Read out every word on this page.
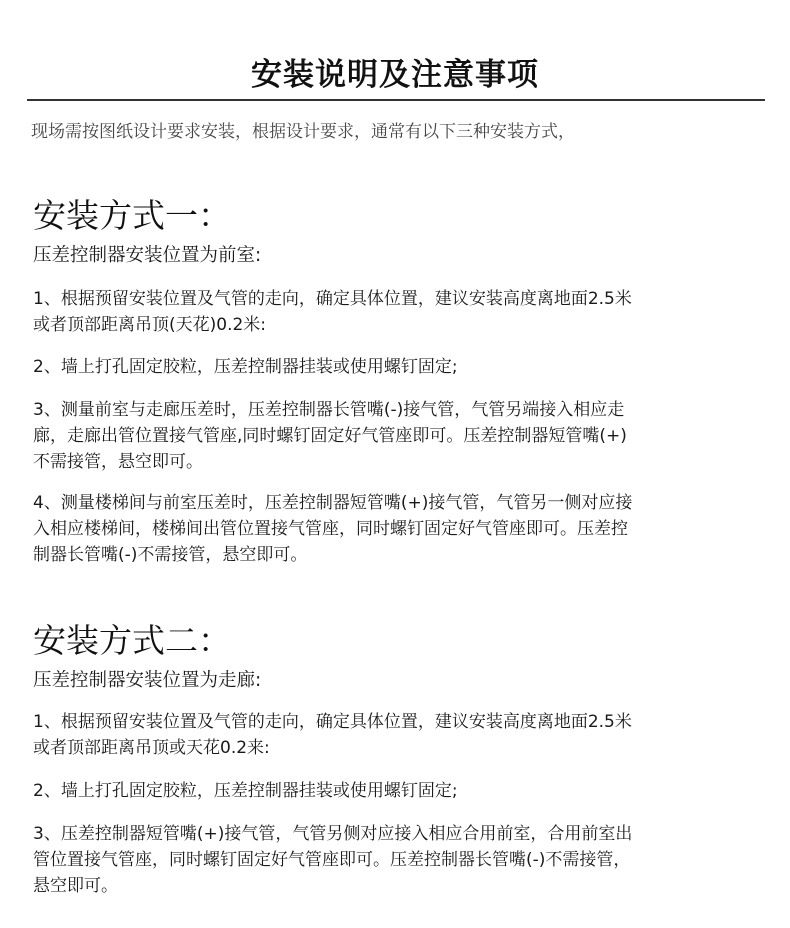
安装说明及注意事项
现场需按图纸设计要求安装，根据设计要求，通常有以下三种安装方式，
安装方式一：
压差控制器安装位置为前室:
1、根据预留安装位置及气管的走向，确定具体位置，建议安装高度离地面2.5米
或者顶部距离吊顶(天花)0.2米:
2、墙上打孔固定胶粒，压差控制器挂装或使用螺钉固定;
3、测量前室与走廊压差时，压差控制器长管嘴(-)接气管，气管另端接入相应走
廊，走廊出管位置接气管座,同时螺钉固定好气管座即可。压差控制器短管嘴(+)
不需接管，悬空即可。
4、测量楼梯间与前室压差时，压差控制器短管嘴(+)接气管，气管另一侧对应接
入相应楼梯间，楼梯间出管位置接气管座，同时螺钉固定好气管座即可。压差控
制器长管嘴(-)不需接管，悬空即可。
安装方式二：
压差控制器安装位置为走廊:
1、根据预留安装位置及气管的走向，确定具体位置，建议安装高度离地面2.5米
或者顶部距离吊顶或天花0.2来:
2、墙上打孔固定胶粒，压差控制器挂装或使用螺钉固定;
3、压差控制器短管嘴(+)接气管，气管另侧对应接入相应合用前室，合用前室出
管位置接气管座，同时螺钉固定好气管座即可。压差控制器长管嘴(-)不需接管，
悬空即可。
